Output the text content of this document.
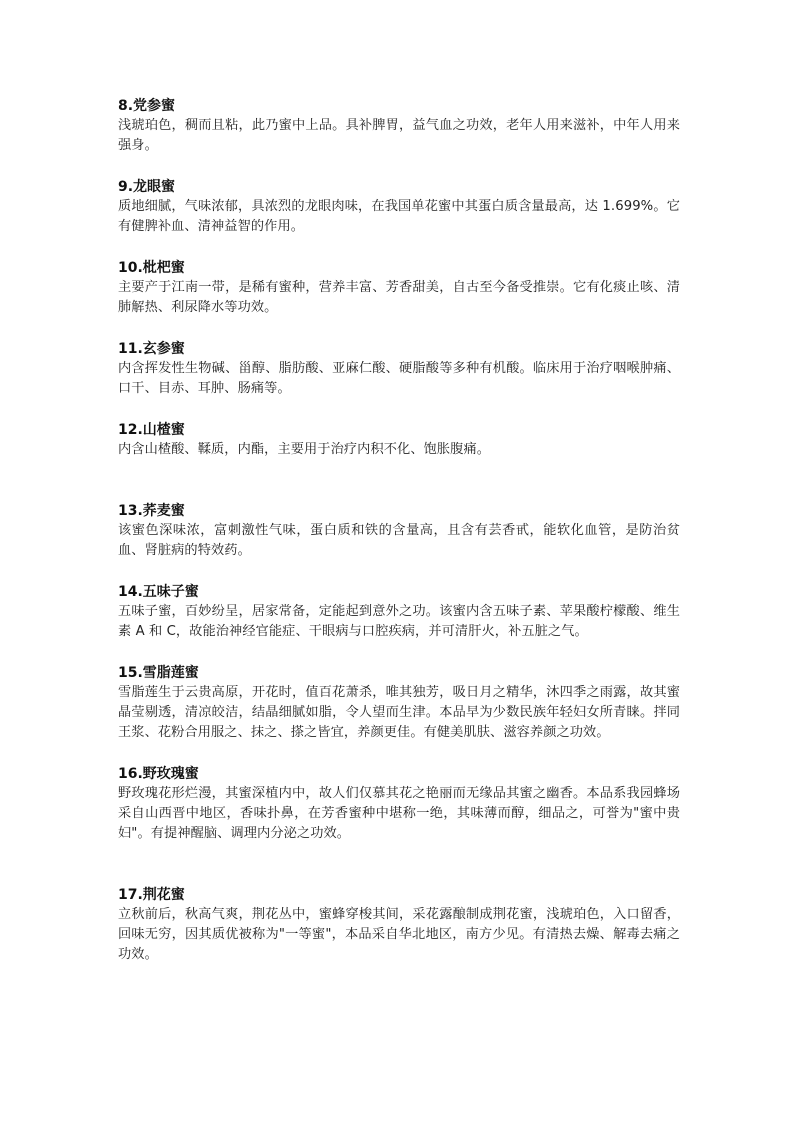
8.党参蜜

浅琥珀色，稠而且粘，此乃蜜中上品。具补脾胃，益气血之功效，老年人用来滋补，中年人用来强身。

9.龙眼蜜

质地细腻，气味浓郁，具浓烈的龙眼肉味，在我国单花蜜中其蛋白质含量最高，达 1.699%。它有健脾补血、清神益智的作用。

10.枇杷蜜

主要产于江南一带，是稀有蜜种，营养丰富、芳香甜美，自古至今备受推崇。它有化痰止咳、清肺解热、利尿降水等功效。

11.玄参蜜

内含挥发性生物碱、甾醇、脂肪酸、亚麻仁酸、硬脂酸等多种有机酸。临床用于治疗咽喉肿痛、口干、目赤、耳肿、肠痛等。

12.山楂蜜

内含山楂酸、鞣质，内酯，主要用于治疗内积不化、饱胀腹痛。

13.荞麦蜜

该蜜色深味浓，富刺激性气味，蛋白质和铁的含量高，且含有芸香甙，能软化血管，是防治贫血、肾脏病的特效药。

14.五味子蜜

五味子蜜，百妙纷呈，居家常备，定能起到意外之功。该蜜内含五味子素、苹果酸柠檬酸、维生素 A 和 C，故能治神经官能症、干眼病与口腔疾病，并可清肝火，补五脏之气。

15.雪脂莲蜜

雪脂莲生于云贵高原，开花时，值百花萧杀，唯其独芳，吸日月之精华，沐四季之雨露，故其蜜晶莹剔透，清凉皎洁，结晶细腻如脂，令人望而生津。本品早为少数民族年轻妇女所青睐。拌同王浆、花粉合用服之、抹之、搽之皆宜，养颜更佳。有健美肌肤、滋容养颜之功效。

16.野玫瑰蜜

野玫瑰花形烂漫，其蜜深植内中，故人们仅慕其花之艳丽而无缘品其蜜之幽香。本品系我园蜂场采自山西晋中地区，香味扑鼻，在芳香蜜种中堪称一绝，其味薄而醇，细品之，可誉为"蜜中贵妇"。有提神醒脑、调理内分泌之功效。

17.荆花蜜

立秋前后，秋高气爽，荆花丛中，蜜蜂穿梭其间，采花露酿制成荆花蜜，浅琥珀色，入口留香，回味无穷，因其质优被称为"一等蜜"，本品采自华北地区，南方少见。有清热去燥、解毒去痛之功效。
